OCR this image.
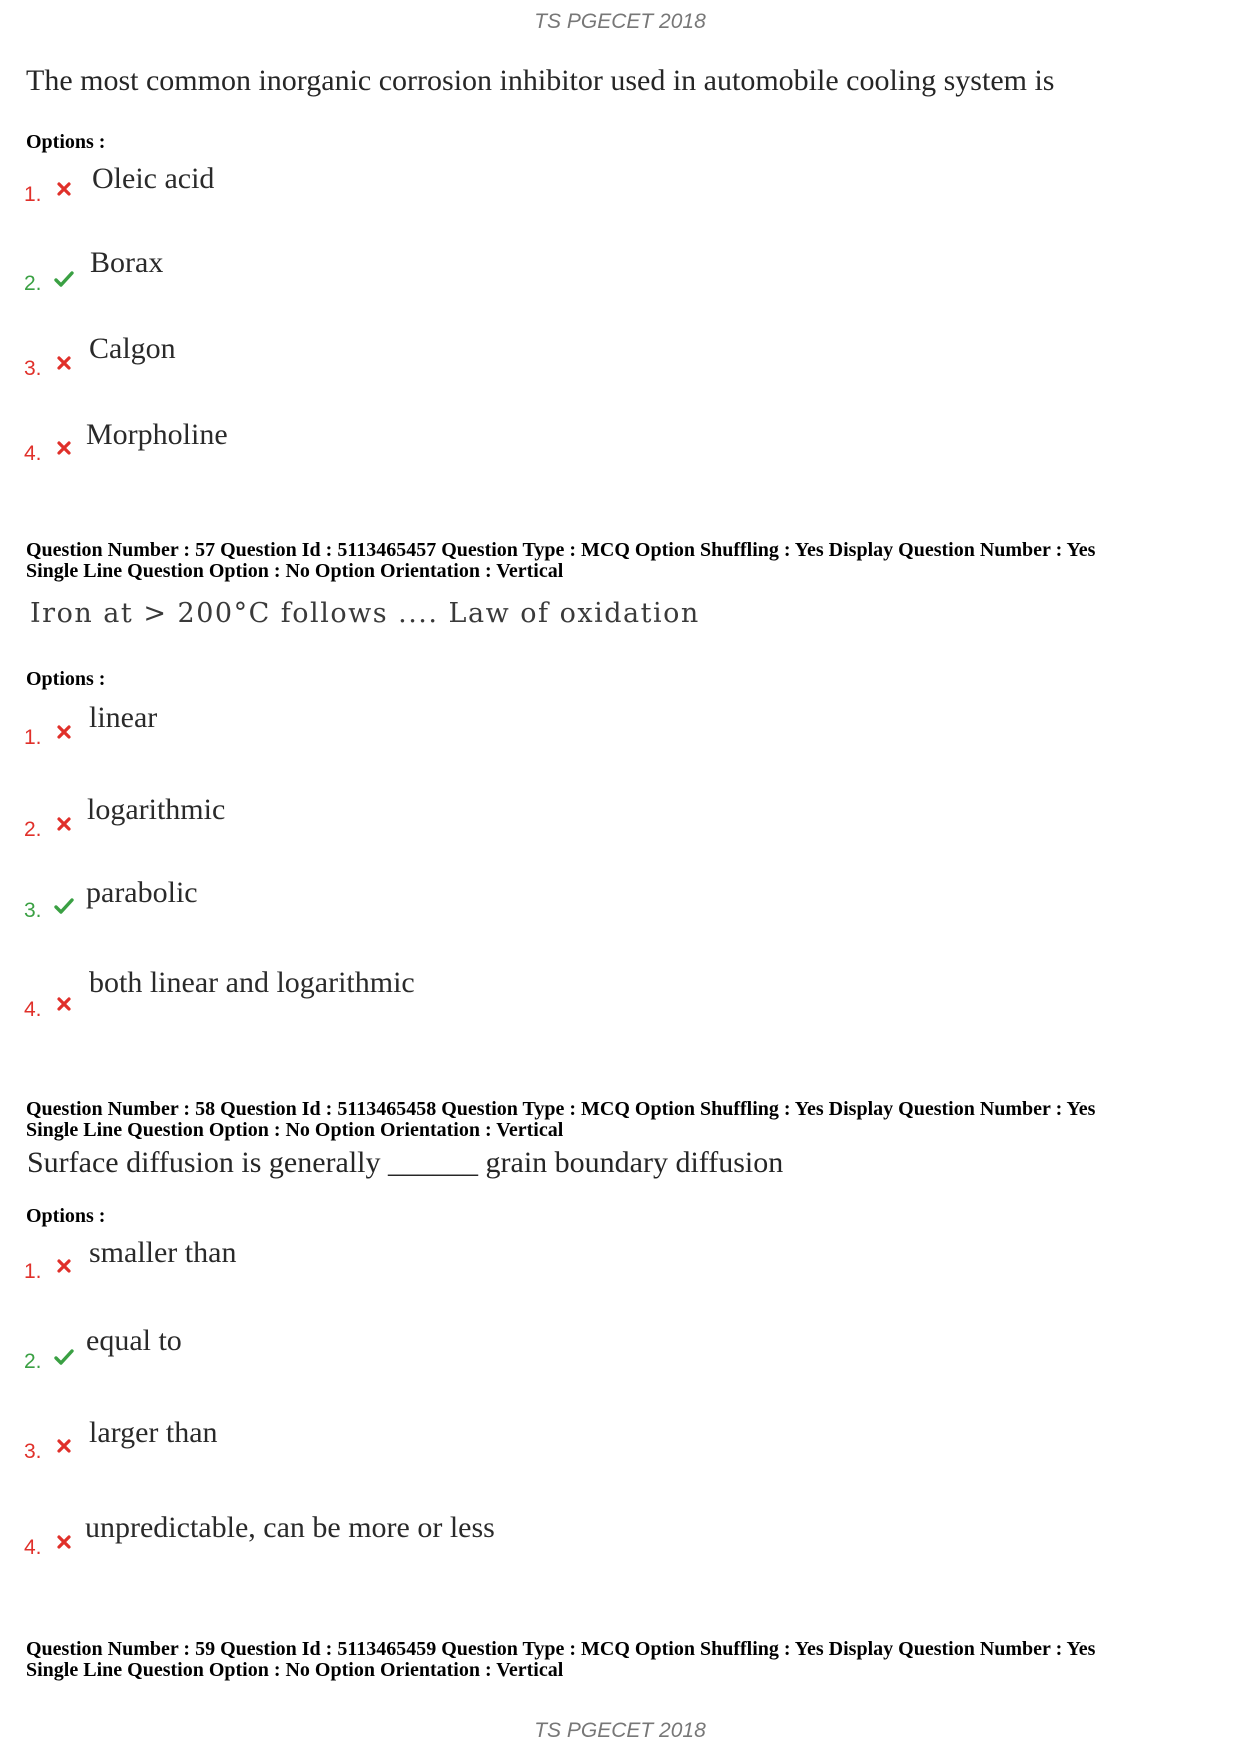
TS PGECET 2018
The most common inorganic corrosion inhibitor used in automobile cooling system is
Options :
1. Oleic acid
2.
Borax
3.
Calgon
4.
Morpholine
Question Number : 57 Question Id : 5113465457 Question Type : MCQ Option Shuffling : Yes Display Question Number : Yes
Single Line Question Option : No Option Orientation : Vertical
Iron at > 200°C follows .... Law of oxidation
Options :
1.
linear
2.
logarithmic
3.
parabolic
4.
both linear and logarithmic
Question Number : 58 Question Id : 5113465458 Question Type : MCQ Option Shuffling : Yes Display Question Number : Yes
Single Line Question Option : No Option Orientation : Vertical
Surface diffusion is generally ______ grain boundary diffusion
Options :
1.
smaller than
2.
equal to
3.
larger than
4.
unpredictable, can be more or less
Question Number : 59 Question Id : 5113465459 Question Type : MCQ Option Shuffling : Yes Display Question Number : Yes
Single Line Question Option : No Option Orientation : Vertical
TS PGECET 2018
